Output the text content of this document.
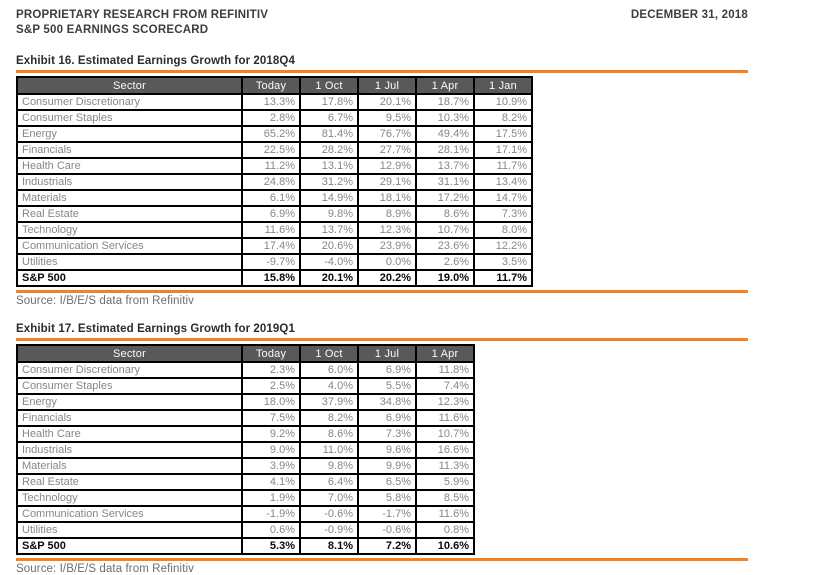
PROPRIETARY RESEARCH FROM REFINITIV
S&P 500 EARNINGS SCORECARD
DECEMBER 31, 2018
Exhibit 16. Estimated Earnings Growth for 2018Q4
Sector	Today	1 Oct	1 Jul	1 Apr	1 Jan
Consumer Discretionary	13.3%	17.8%	20.1%	18.7%	10.9%
Consumer Staples	2.8%	6.7%	9.5%	10.3%	8.2%
Energy	65.2%	81.4%	76.7%	49.4%	17.5%
Financials	22.5%	28.2%	27.7%	28.1%	17.1%
Health Care	11.2%	13.1%	12.9%	13.7%	11.7%
Industrials	24.8%	31.2%	29.1%	31.1%	13.4%
Materials	6.1%	14.9%	18.1%	17.2%	14.7%
Real Estate	6.9%	9.8%	8.9%	8.6%	7.3%
Technology	11.6%	13.7%	12.3%	10.7%	8.0%
Communication Services	17.4%	20.6%	23.9%	23.6%	12.2%
Utilities	-9.7%	-4.0%	0.0%	2.6%	3.5%
S&P 500	15.8%	20.1%	20.2%	19.0%	11.7%
Source: I/B/E/S data from Refinitiv
Exhibit 17. Estimated Earnings Growth for 2019Q1
Sector	Today	1 Oct	1 Jul	1 Apr
Consumer Discretionary	2.3%	6.0%	6.9%	11.8%
Consumer Staples	2.5%	4.0%	5.5%	7.4%
Energy	18.0%	37.9%	34.8%	12.3%
Financials	7.5%	8.2%	6.9%	11.6%
Health Care	9.2%	8.6%	7.3%	10.7%
Industrials	9.0%	11.0%	9.6%	16.6%
Materials	3.9%	9.8%	9.9%	11.3%
Real Estate	4.1%	6.4%	6.5%	5.9%
Technology	1.9%	7.0%	5.8%	8.5%
Communication Services	-1.9%	-0.6%	-1.7%	11.6%
Utilities	0.6%	-0.9%	-0.6%	0.8%
S&P 500	5.3%	8.1%	7.2%	10.6%
Source: I/B/E/S data from Refinitiv
